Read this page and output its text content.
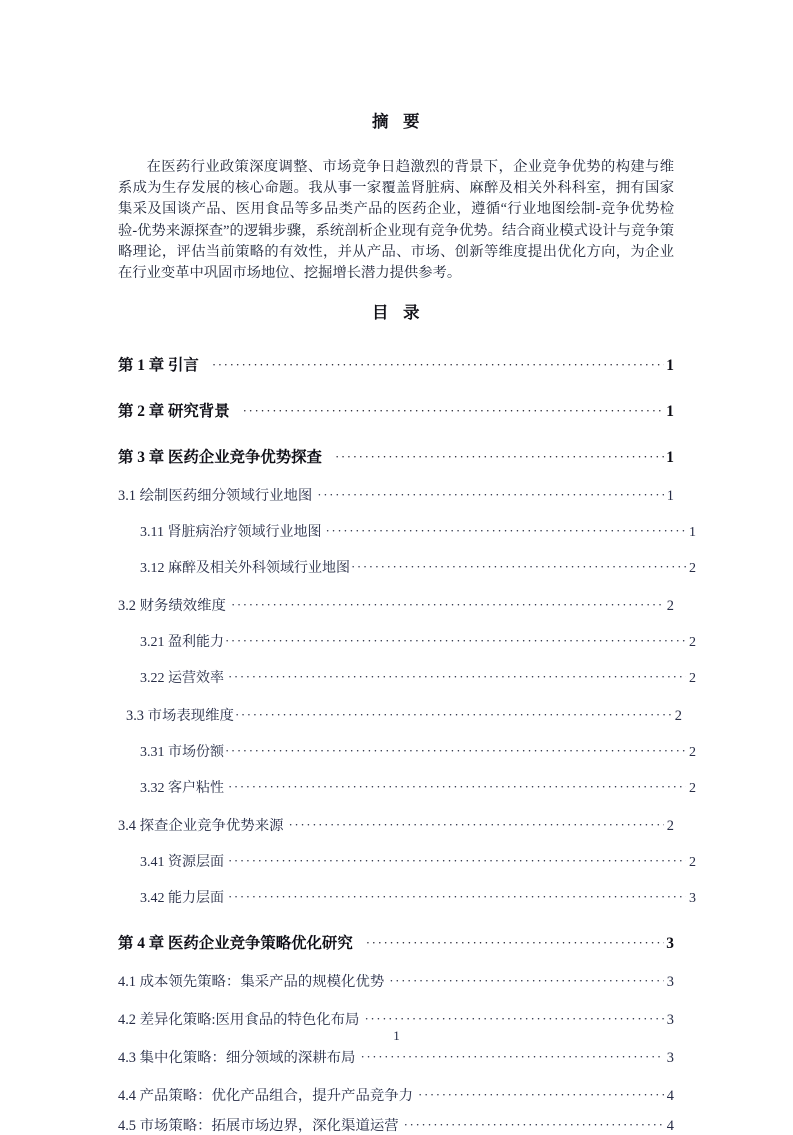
摘 要

在医药行业政策深度调整、市场竞争日趋激烈的背景下，企业竞争优势的构建与维系成为生存发展的核心命题。我从事一家覆盖肾脏病、麻醉及相关外科科室，拥有国家集采及国谈产品、医用食品等多品类产品的医药企业，遵循“行业地图绘制-竞争优势检验-优势来源探查”的逻辑步骤，系统剖析企业现有竞争优势。结合商业模式设计与竞争策略理论，评估当前策略的有效性，并从产品、市场、创新等维度提出优化方向，为企业在行业变革中巩固市场地位、挖掘增长潜力提供参考。

目 录
第 1 章 引言 ·····	1
第 2 章 研究背景 ·····	1
第 3 章 医药企业竞争优势探查 ·····	1
3.1 绘制医药细分领域行业地图 ·····	1
3.11 肾脏病治疗领域行业地图 ·····	1
3.12 麻醉及相关外科领域行业地图 ·····	2
3.2 财务绩效维度 ·····	2
3.21 盈利能力 ·····	2
3.22 运营效率 ·····	2
3.3 市场表现维度 ·····	2
3.31 市场份额 ·····	2
3.32 客户粘性 ·····	2
3.4 探查企业竞争优势来源 ·····	2
3.41 资源层面 ·····	2
3.42 能力层面 ·····	3
第 4 章 医药企业竞争策略优化研究 ·····	3
4.1 成本领先策略：集采产品的规模化优势 ·····	3
4.2 差异化策略:医用食品的特色化布局 ·····	3
4.3 集中化策略：细分领域的深耕布局 ·····	3
4.4 产品策略：优化产品组合，提升产品竞争力 ·····	4
4.5 市场策略：拓展市场边界，深化渠道运营 ·····	4
1
